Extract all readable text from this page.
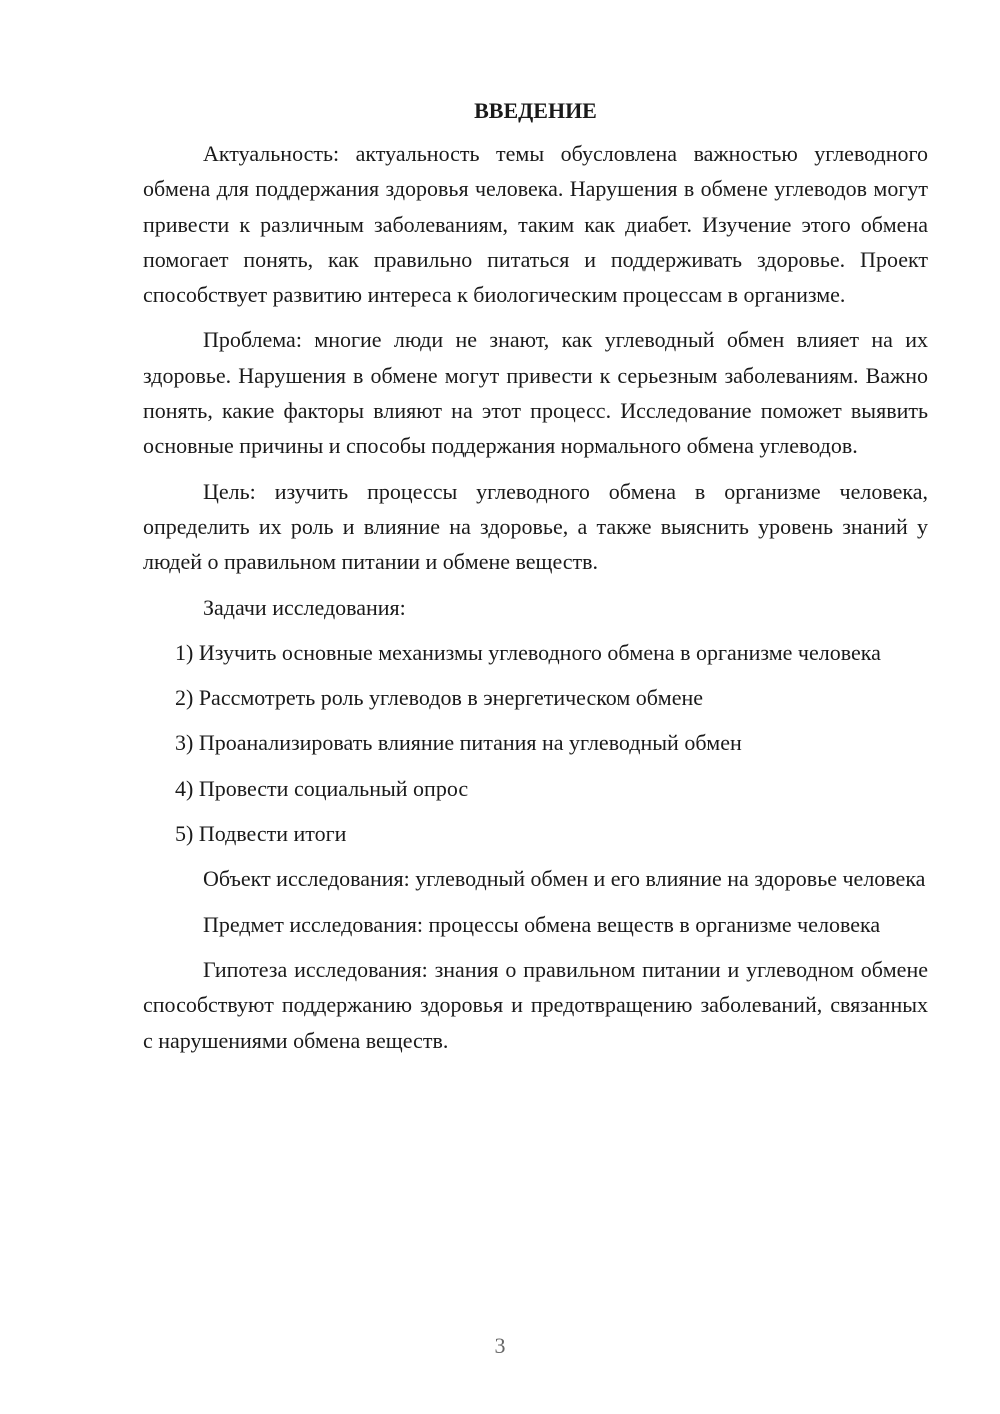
ВВЕДЕНИЕ

Актуальность: актуальность темы обусловлена важностью углеводного обмена для поддержания здоровья человека. Нарушения в обмене углеводов могут привести к различным заболеваниям, таким как диабет. Изучение этого обмена помогает понять, как правильно питаться и поддерживать здоровье. Проект способствует развитию интереса к биологическим процессам в организме.

Проблема: многие люди не знают, как углеводный обмен влияет на их здоровье. Нарушения в обмене могут привести к серьезным заболеваниям. Важно понять, какие факторы влияют на этот процесс. Исследование поможет выявить основные причины и способы поддержания нормального обмена углеводов.

Цель: изучить процессы углеводного обмена в организме человека, определить их роль и влияние на здоровье, а также выяснить уровень знаний у людей о правильном питании и обмене веществ.

Задачи исследования:

1) Изучить основные механизмы углеводного обмена в организме человека

2) Рассмотреть роль углеводов в энергетическом обмене

3) Проанализировать влияние питания на углеводный обмен

4) Провести социальный опрос

5) Подвести итоги

Объект исследования: углеводный обмен и его влияние на здоровье человека

Предмет исследования: процессы обмена веществ в организме человека

Гипотеза исследования: знания о правильном питании и углеводном обмене способствуют поддержанию здоровья и предотвращению заболеваний, связанных с нарушениями обмена веществ.

3
